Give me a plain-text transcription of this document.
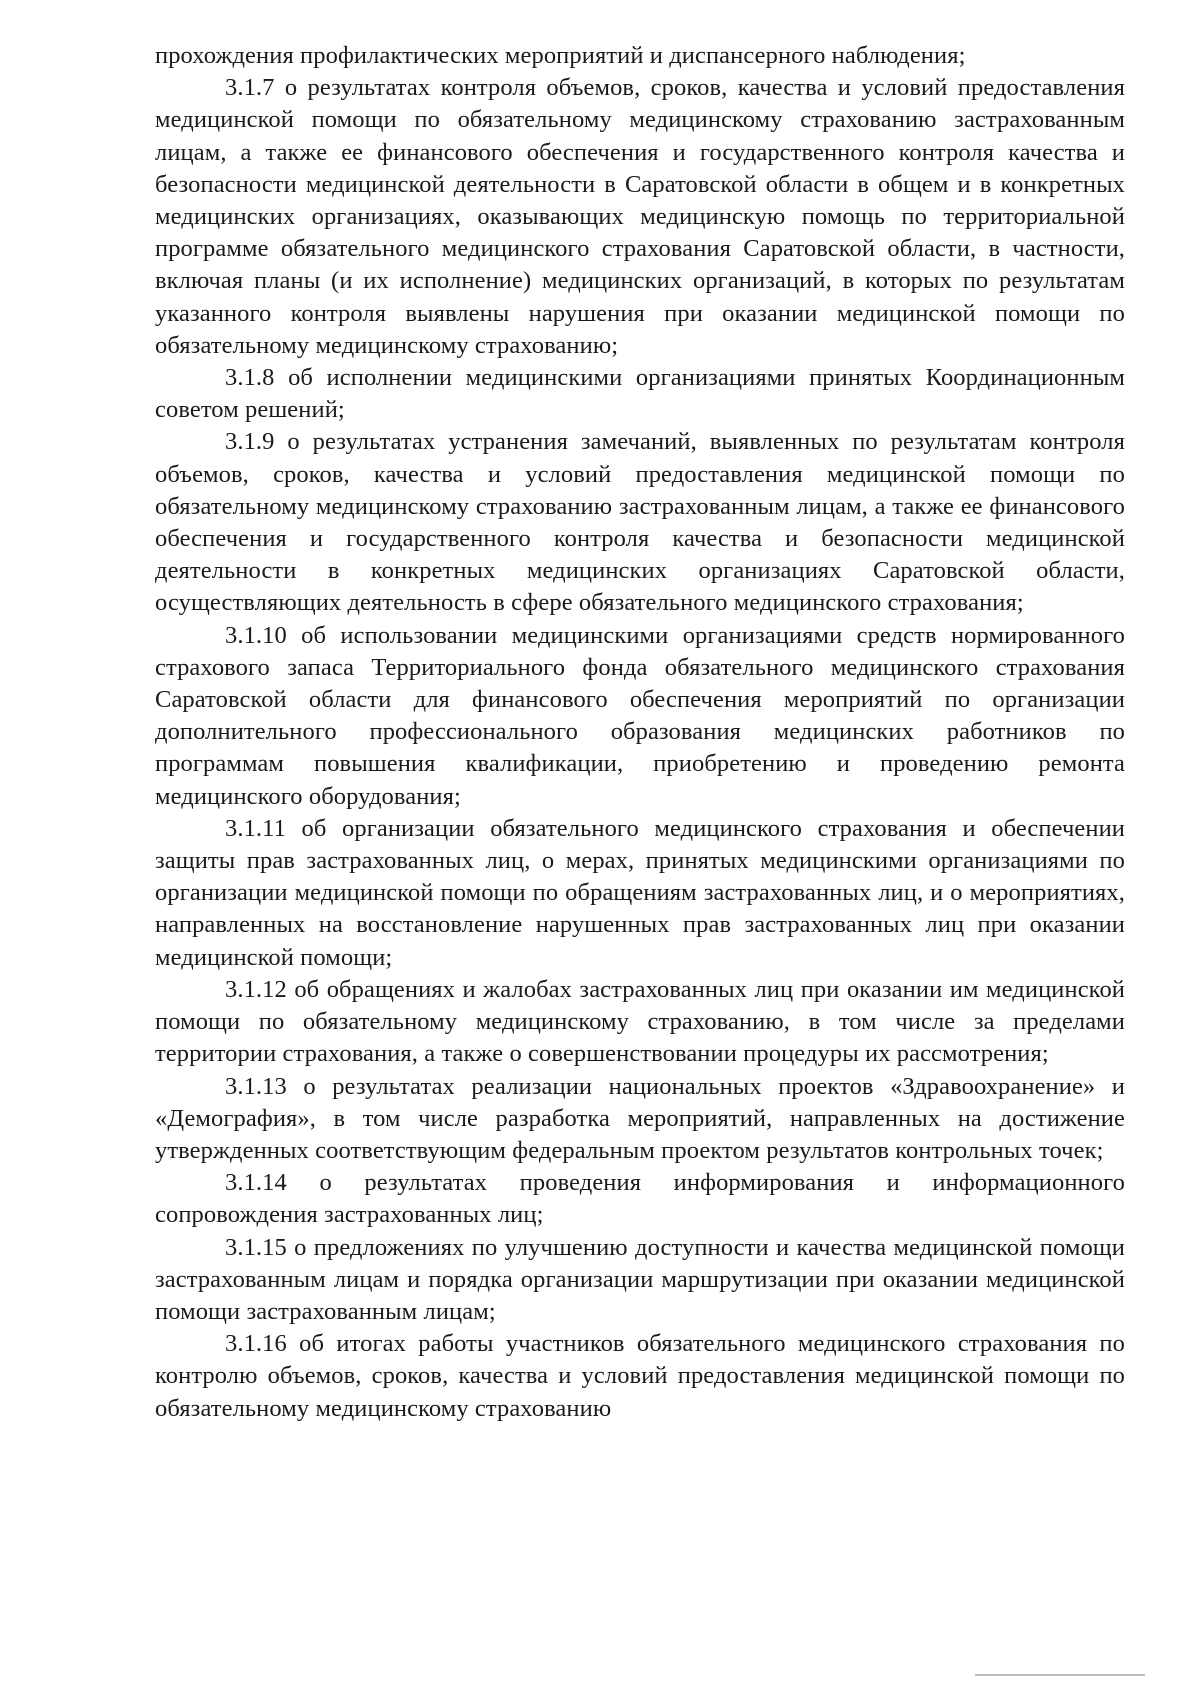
прохождения профилактических мероприятий и диспансерного наблюдения;

3.1.7 о результатах контроля объемов, сроков, качества и условий предоставления медицинской помощи по обязательному медицинскому страхованию застрахованным лицам, а также ее финансового обеспечения и государственного контроля качества и безопасности медицинской деятельности в Саратовской области в общем и в конкретных медицинских организациях, оказывающих медицинскую помощь по территориальной программе обязательного медицинского страхования Саратовской области, в частности, включая планы (и их исполнение) медицинских организаций, в которых по результатам указанного контроля выявлены нарушения при оказании медицинской помощи по обязательному медицинскому страхованию;

3.1.8 об исполнении медицинскими организациями принятых Координационным советом решений;

3.1.9 о результатах устранения замечаний, выявленных по результатам контроля объемов, сроков, качества и условий предоставления медицинской помощи по обязательному медицинскому страхованию застрахованным лицам, а также ее финансового обеспечения и государственного контроля качества и безопасности медицинской деятельности в конкретных медицинских организациях Саратовской области, осуществляющих деятельность в сфере обязательного медицинского страхования;

3.1.10 об использовании медицинскими организациями средств нормированного страхового запаса Территориального фонда обязательного медицинского страхования Саратовской области для финансового обеспечения мероприятий по организации дополнительного профессионального образования медицинских работников по программам повышения квалификации, приобретению и проведению ремонта медицинского оборудования;

3.1.11 об организации обязательного медицинского страхования и обеспечении защиты прав застрахованных лиц, о мерах, принятых медицинскими организациями по организации медицинской помощи по обращениям застрахованных лиц, и о мероприятиях, направленных на восстановление нарушенных прав застрахованных лиц при оказании медицинской помощи;

3.1.12 об обращениях и жалобах застрахованных лиц при оказании им медицинской помощи по обязательному медицинскому страхованию, в том числе за пределами территории страхования, а также о совершенствовании процедуры их рассмотрения;

3.1.13 о результатах реализации национальных проектов «Здравоохранение» и «Демография», в том числе разработка мероприятий, направленных на достижение утвержденных соответствующим федеральным проектом результатов контрольных точек;

3.1.14 о результатах проведения информирования и информационного сопровождения застрахованных лиц;

3.1.15 о предложениях по улучшению доступности и качества медицинской помощи застрахованным лицам и порядка организации маршрутизации при оказании медицинской помощи застрахованным лицам;

3.1.16 об итогах работы участников обязательного медицинского страхования по контролю объемов, сроков, качества и условий предоставления медицинской помощи по обязательному медицинскому страхованию
